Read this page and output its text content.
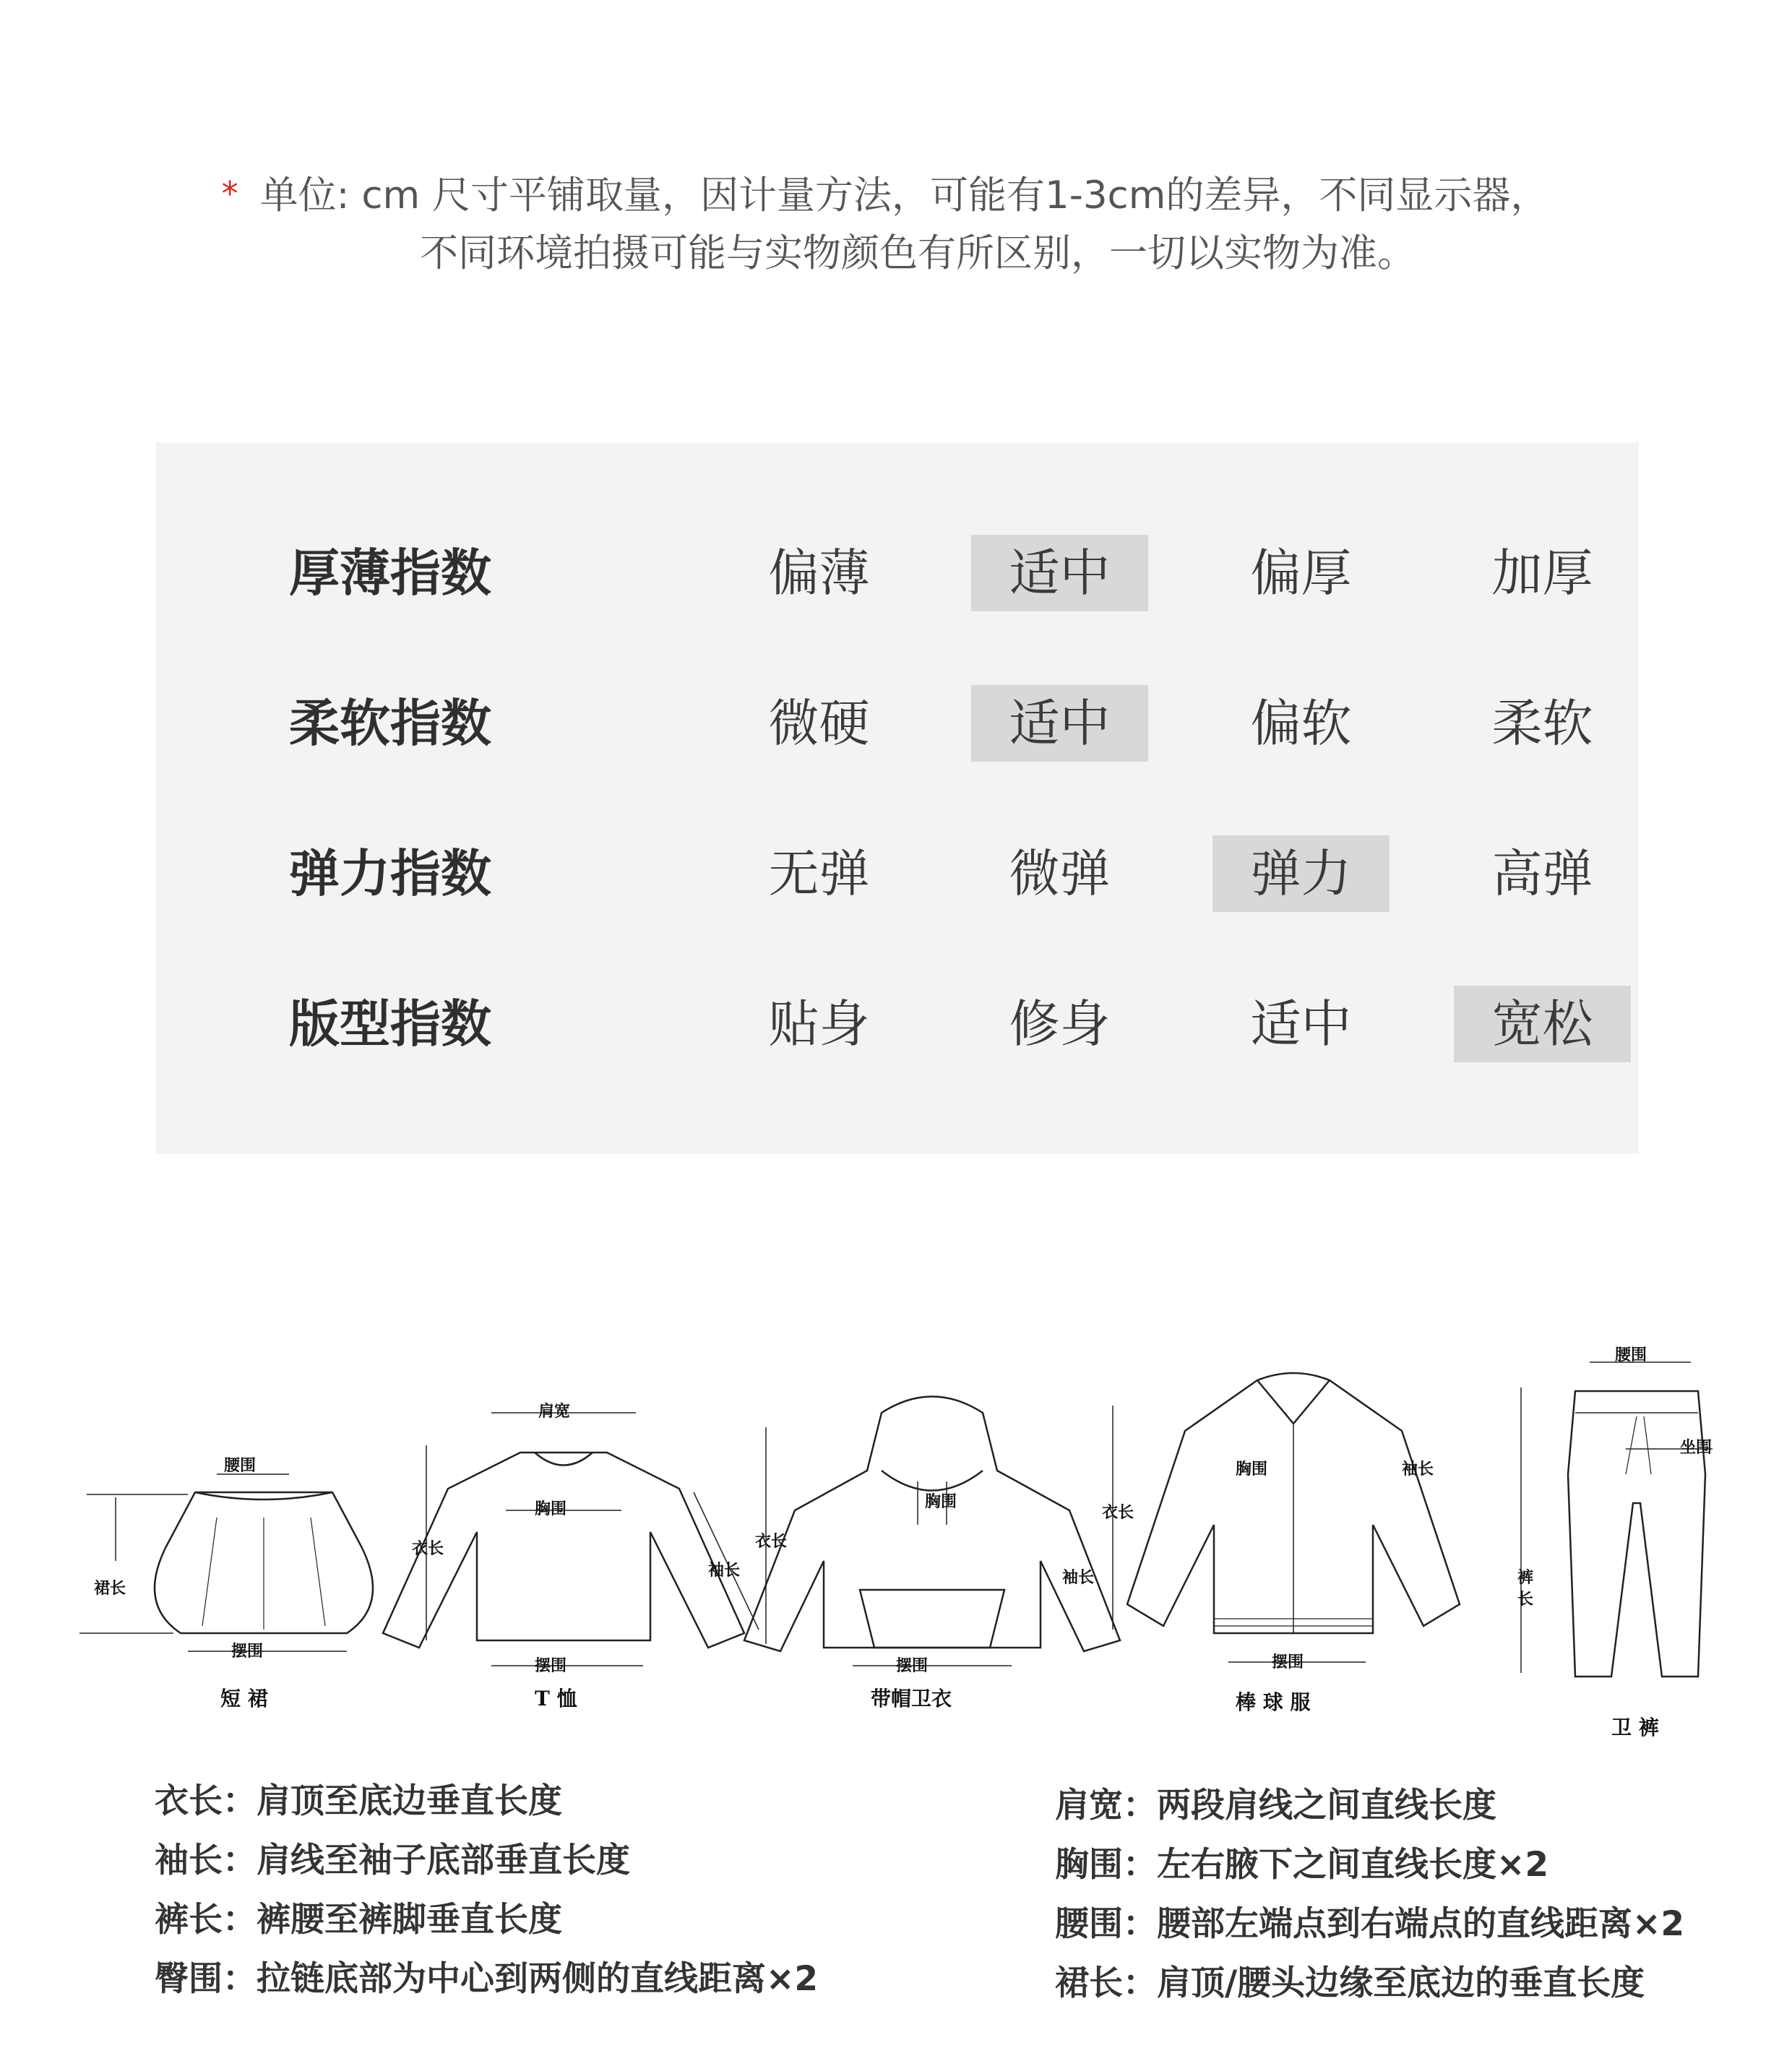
* 单位: cm 尺寸平铺取量，因计量方法，可能有1-3cm的差异，不同显示器，
不同环境拍摄可能与实物颜色有所区别，一切以实物为准。
厚薄指数	偏薄	适中	偏厚	加厚
柔软指数	微硬	适中	偏软	柔软
弹力指数	无弹	微弹	弹力	高弹
版型指数	贴身	修身	适中	宽松
腰围
裙长
摆围
短 裙
肩宽
胸围
衣长
袖长
摆围
T 恤
胸围
衣长
袖长
摆围
带帽卫衣
胸围
衣长
袖长
摆围
棒 球 服
腰围
坐围
裤
长
卫 裤
衣长：肩顶至底边垂直长度
袖长：肩线至袖子底部垂直长度
裤长：裤腰至裤脚垂直长度
臀围：拉链底部为中心到两侧的直线距离×2
肩宽：两段肩线之间直线长度
胸围：左右腋下之间直线长度×2
腰围：腰部左端点到右端点的直线距离×2
裙长：肩顶/腰头边缘至底边的垂直长度
